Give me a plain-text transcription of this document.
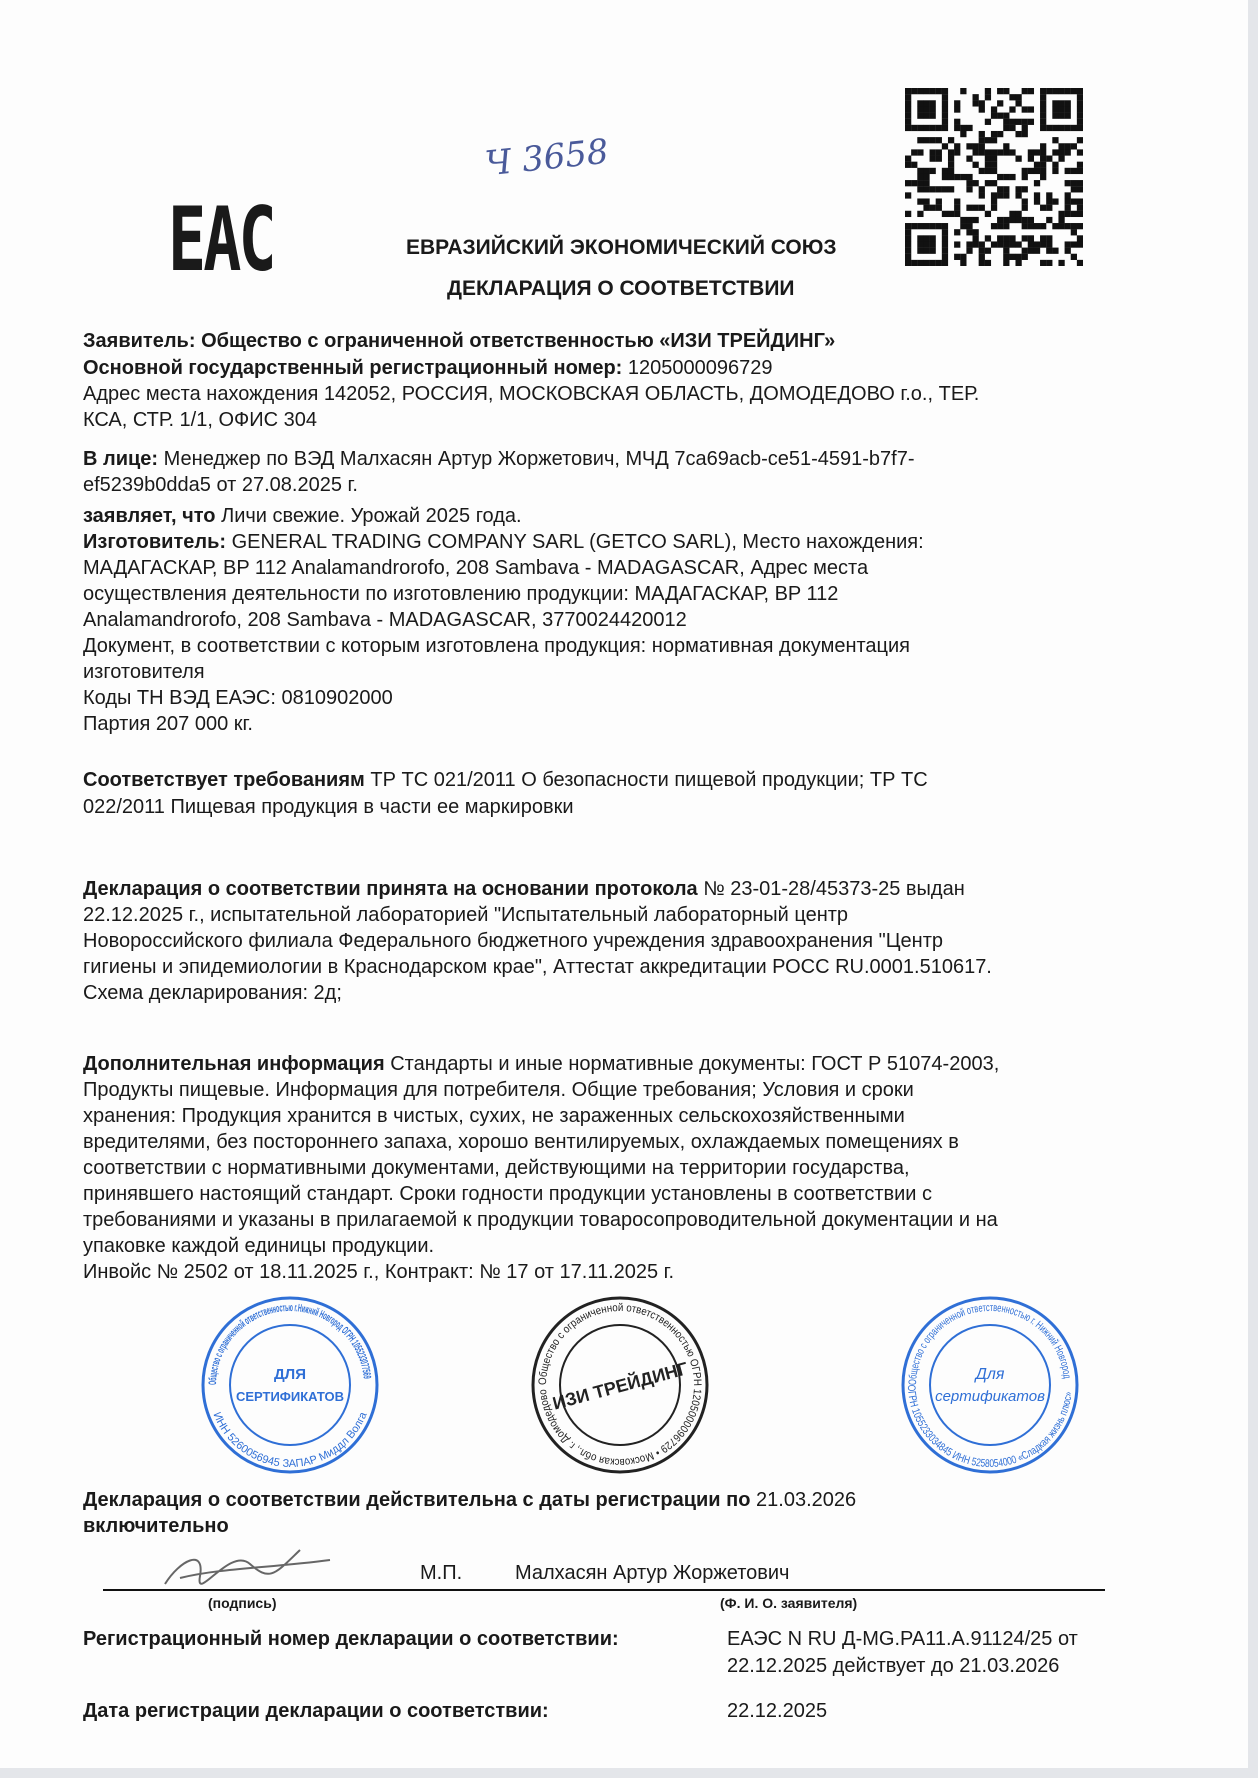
Ч 3658
ЕАС	ЕВРАЗИЙСКИЙ ЭКОНОМИЧЕСКИЙ СОЮЗ
ДЕКЛАРАЦИЯ О СООТВЕТСТВИИ
Заявитель: Общество с ограниченной ответственностью «ИЗИ ТРЕЙДИНГ»
Основной государственный регистрационный номер: 1205000096729
Адрес места нахождения 142052, РОССИЯ, МОСКОВСКАЯ ОБЛАСТЬ, ДОМОДЕДОВО г.о., ТЕР.
КСА, СТР. 1/1, ОФИС 304
В лице: Менеджер по ВЭД Малхасян Артур Жоржетович, МЧД 7ca69acb-ce51-4591-b7f7-
ef5239b0dda5 от 27.08.2025 г.
заявляет, что Личи свежие. Урожай 2025 года.
Изготовитель: GENERAL TRADING COMPANY SARL (GETCO SARL), Место нахождения:
МАДАГАСКАР, BP 112 Analamandrorofo, 208 Sambava - MADAGASCAR, Адрес места
осуществления деятельности по изготовлению продукции: МАДАГАСКАР, BP 112
Analamandrorofo, 208 Sambava - MADAGASCAR, 3770024420012
Документ, в соответствии с которым изготовлена продукция: нормативная документация
изготовителя
Коды ТН ВЭД ЕАЭС: 0810902000
Партия 207 000 кг.
Соответствует требованиям ТР ТС 021/2011 О безопасности пищевой продукции; ТР ТС
022/2011 Пищевая продукция в части ее маркировки
Декларация о соответствии принята на основании протокола № 23-01-28/45373-25 выдан
22.12.2025 г., испытательной лабораторией "Испытательный лабораторный центр
Новороссийского филиала Федерального бюджетного учреждения здравоохранения "Центр
гигиены и эпидемиологии в Краснодарском крае", Аттестат аккредитации РОСС RU.0001.510617.
Схема декларирования: 2д;
Дополнительная информация Стандарты и иные нормативные документы: ГОСТ Р 51074-2003,
Продукты пищевые. Информация для потребителя. Общие требования; Условия и сроки
хранения: Продукция хранится в чистых, сухих, не зараженных сельскохозяйственными
вредителями, без постороннего запаха, хорошо вентилируемых, охлаждаемых помещениях в
соответствии с нормативными документами, действующими на территории государства,
принявшего настоящий стандарт. Сроки годности продукции установлены в соответствии с
требованиями и указаны в прилагаемой к продукции товаросопроводительной документации и на
упаковке каждой единицы продукции.
Инвойс № 2502 от 18.11.2025 г., Контракт: № 17 от 17.11.2025 г.
Общество с ограниченной ответственностью г.Нижний Новгород ОГРН 1055233077569
ИНН 5260056945 ЗАПАР Миддл Волга
ДЛЯ
СЕРТИФИКАТОВ
Общество с ограниченной ответственностью ОГРН 1205000096729 • Московская обл., г. Домодедово ИЗИ ТРЕЙДИНГ	Общество с ограниченной ответственностью г. Нижний Новгород
ОГРН 1055233034845 ИНН 5258054000 «Сладкая жизнь плюс»
Для
сертификатов
Декларация о соответствии действительна с даты регистрации по 21.03.2026
включительно
М.П.	Малхасян Артур Жоржетович
(подпись)	(Ф. И. О. заявителя)
Регистрационный номер декларации о соответствии:	ЕАЭС N RU Д-MG.PA11.A.91124/25 от
22.12.2025 действует до 21.03.2026
Дата регистрации декларации о соответствии:	22.12.2025
